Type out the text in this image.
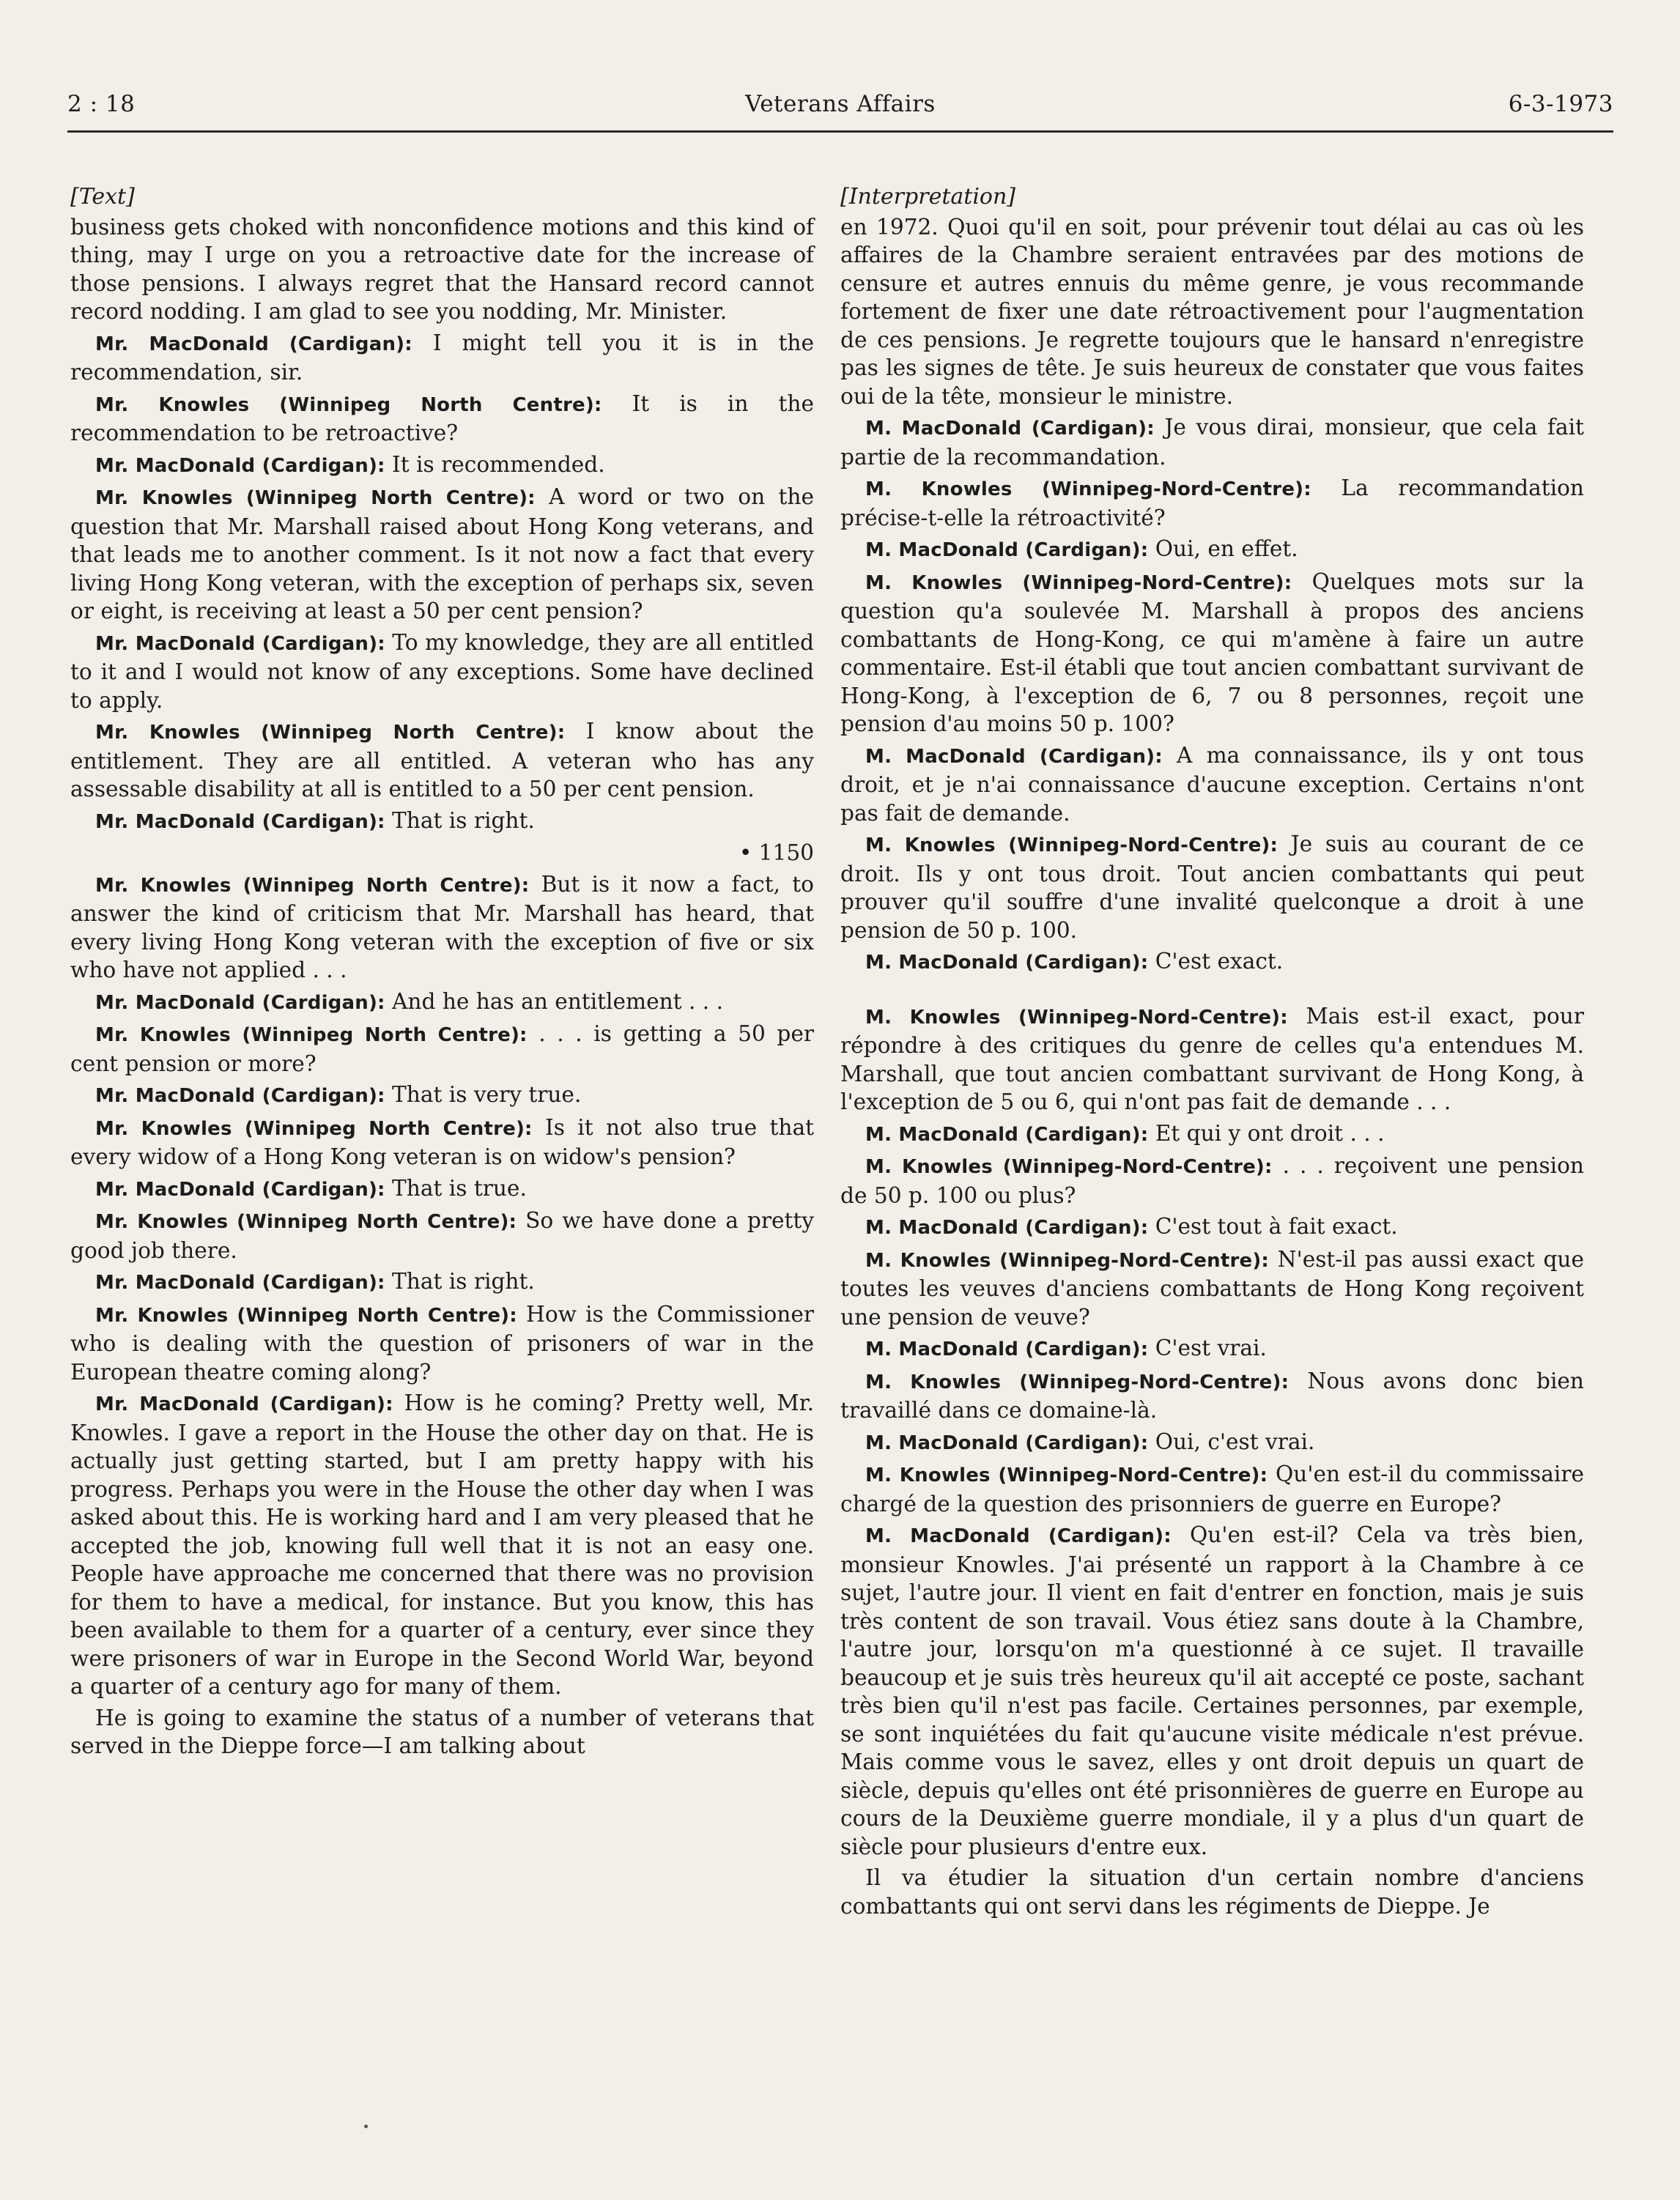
2 : 18	Veterans Affairs	6-3-1973
[Text]

business gets choked with nonconfidence motions and this kind of thing, may I urge on you a retroactive date for the increase of those pensions. I always regret that the Hansard record cannot record nodding. I am glad to see you nodding, Mr. Minister.

Mr. MacDonald (Cardigan): I might tell you it is in the recommendation, sir.

Mr. Knowles (Winnipeg North Centre): It is in the recommendation to be retroactive?

Mr. MacDonald (Cardigan): It is recommended.

Mr. Knowles (Winnipeg North Centre): A word or two on the question that Mr. Marshall raised about Hong Kong veterans, and that leads me to another comment. Is it not now a fact that every living Hong Kong veteran, with the exception of perhaps six, seven or eight, is receiving at least a 50 per cent pension?

Mr. MacDonald (Cardigan): To my knowledge, they are all entitled to it and I would not know of any exceptions. Some have declined to apply.

Mr. Knowles (Winnipeg North Centre): I know about the entitlement. They are all entitled. A veteran who has any assessable disability at all is entitled to a 50 per cent pension.

Mr. MacDonald (Cardigan): That is right.

• 1150

Mr. Knowles (Winnipeg North Centre): But is it now a fact, to answer the kind of criticism that Mr. Marshall has heard, that every living Hong Kong veteran with the exception of five or six who have not applied . . .

Mr. MacDonald (Cardigan): And he has an entitlement . . .

Mr. Knowles (Winnipeg North Centre): . . . is getting a 50 per cent pension or more?

Mr. MacDonald (Cardigan): That is very true.

Mr. Knowles (Winnipeg North Centre): Is it not also true that every widow of a Hong Kong veteran is on widow's pension?

Mr. MacDonald (Cardigan): That is true.

Mr. Knowles (Winnipeg North Centre): So we have done a pretty good job there.

Mr. MacDonald (Cardigan): That is right.

Mr. Knowles (Winnipeg North Centre): How is the Commissioner who is dealing with the question of prisoners of war in the European theatre coming along?

Mr. MacDonald (Cardigan): How is he coming? Pretty well, Mr. Knowles. I gave a report in the House the other day on that. He is actually just getting started, but I am pretty happy with his progress. Perhaps you were in the House the other day when I was asked about this. He is working hard and I am very pleased that he accepted the job, knowing full well that it is not an easy one. People have approache me concerned that there was no provision for them to have a medical, for instance. But you know, this has been available to them for a quarter of a century, ever since they were prisoners of war in Europe in the Second World War, beyond a quarter of a century ago for many of them.

He is going to examine the status of a number of veterans that served in the Dieppe force—I am talking about

[Interpretation]

en 1972. Quoi qu'il en soit, pour prévenir tout délai au cas où les affaires de la Chambre seraient entravées par des motions de censure et autres ennuis du même genre, je vous recommande fortement de fixer une date rétroactivement pour l'augmentation de ces pensions. Je regrette toujours que le hansard n'enregistre pas les signes de tête. Je suis heureux de constater que vous faites oui de la tête, monsieur le ministre.

M. MacDonald (Cardigan): Je vous dirai, monsieur, que cela fait partie de la recommandation.

M. Knowles (Winnipeg-Nord-Centre): La recommandation précise-t-elle la rétroactivité?

M. MacDonald (Cardigan): Oui, en effet.

M. Knowles (Winnipeg-Nord-Centre): Quelques mots sur la question qu'a soulevée M. Marshall à propos des anciens combattants de Hong-Kong, ce qui m'amène à faire un autre commentaire. Est-il établi que tout ancien combattant survivant de Hong-Kong, à l'exception de 6, 7 ou 8 personnes, reçoit une pension d'au moins 50 p. 100?

M. MacDonald (Cardigan): A ma connaissance, ils y ont tous droit, et je n'ai connaissance d'aucune exception. Certains n'ont pas fait de demande.

M. Knowles (Winnipeg-Nord-Centre): Je suis au courant de ce droit. Ils y ont tous droit. Tout ancien combattants qui peut prouver qu'il souffre d'une invalité quelconque a droit à une pension de 50 p. 100.

M. MacDonald (Cardigan): C'est exact.

M. Knowles (Winnipeg-Nord-Centre): Mais est-il exact, pour répondre à des critiques du genre de celles qu'a entendues M. Marshall, que tout ancien combattant survivant de Hong Kong, à l'exception de 5 ou 6, qui n'ont pas fait de demande . . .

M. MacDonald (Cardigan): Et qui y ont droit . . .

M. Knowles (Winnipeg-Nord-Centre): . . . reçoivent une pension de 50 p. 100 ou plus?

M. MacDonald (Cardigan): C'est tout à fait exact.

M. Knowles (Winnipeg-Nord-Centre): N'est-il pas aussi exact que toutes les veuves d'anciens combattants de Hong Kong reçoivent une pension de veuve?

M. MacDonald (Cardigan): C'est vrai.

M. Knowles (Winnipeg-Nord-Centre): Nous avons donc bien travaillé dans ce domaine-là.

M. MacDonald (Cardigan): Oui, c'est vrai.

M. Knowles (Winnipeg-Nord-Centre): Qu'en est-il du commissaire chargé de la question des prisonniers de guerre en Europe?

M. MacDonald (Cardigan): Qu'en est-il? Cela va très bien, monsieur Knowles. J'ai présenté un rapport à la Chambre à ce sujet, l'autre jour. Il vient en fait d'entrer en fonction, mais je suis très content de son travail. Vous étiez sans doute à la Chambre, l'autre jour, lorsqu'on m'a questionné à ce sujet. Il travaille beaucoup et je suis très heureux qu'il ait accepté ce poste, sachant très bien qu'il n'est pas facile. Certaines personnes, par exemple, se sont inquiétées du fait qu'aucune visite médicale n'est prévue. Mais comme vous le savez, elles y ont droit depuis un quart de siècle, depuis qu'elles ont été prisonnières de guerre en Europe au cours de la Deuxième guerre mondiale, il y a plus d'un quart de siècle pour plusieurs d'entre eux.

Il va étudier la situation d'un certain nombre d'anciens combattants qui ont servi dans les régiments de Dieppe. Je
